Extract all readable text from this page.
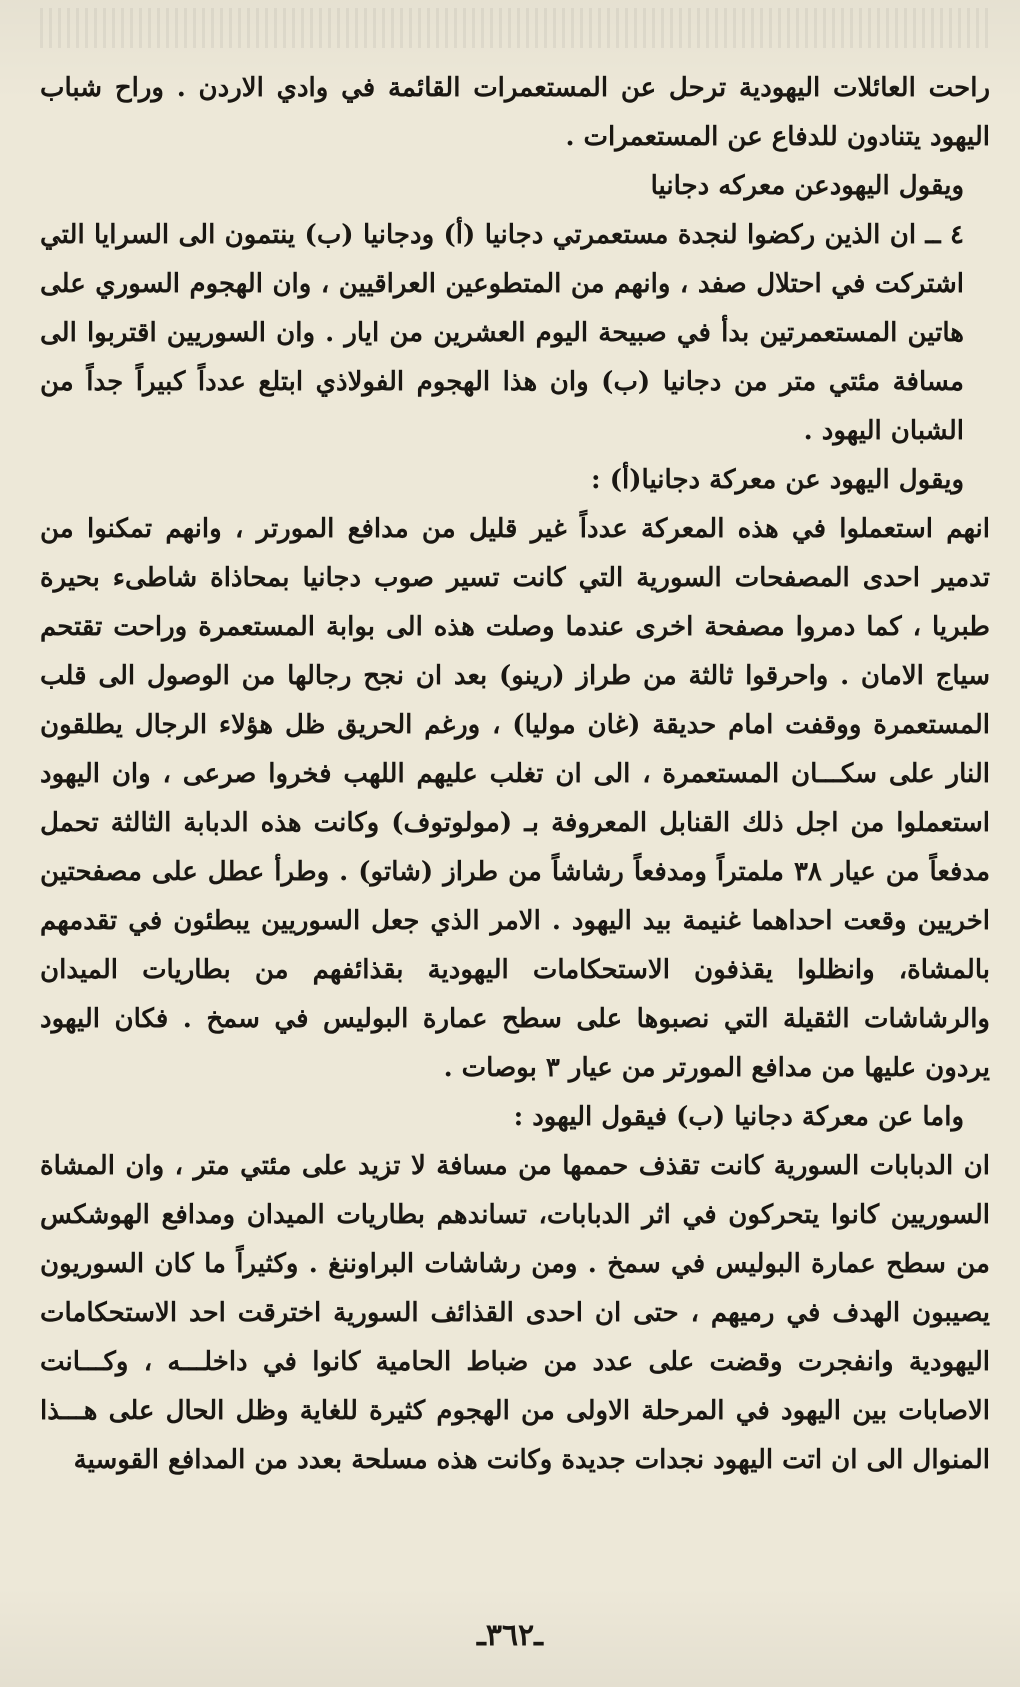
راحت العائلات اليهودية ترحل عن المستعمرات القائمة في وادي الاردن . وراح شباب اليهود يتنادون للدفاع عن المستعمرات .

ويقول اليهودعن معركه دجانيا

٤ ــ ان الذين ركضوا لنجدة مستعمرتي دجانيا (أ) ودجانيا (ب) ينتمون الى السرايا التي اشتركت في احتلال صفد ، وانهم من المتطوعين العراقيين ، وان الهجوم السوري على هاتين المستعمرتين بدأ في صبيحة اليوم العشرين من ايار . وان السوريين اقتربوا الى مسافة مئتي متر من دجانيا (ب) وان هذا الهجوم الفولاذي ابتلع عدداً كبيراً جداً من الشبان اليهود .

ويقول اليهود عن معركة دجانيا(أ) :

انهم استعملوا في هذه المعركة عدداً غير قليل من مدافع المورتر ، وانهم تمكنوا من تدمير احدى المصفحات السورية التي كانت تسير صوب دجانيا بمحاذاة شاطىء بحيرة طبريا ، كما دمروا مصفحة اخرى عندما وصلت هذه الى بوابة المستعمرة وراحت تقتحم سياج الامان . واحرقوا ثالثة من طراز (رينو) بعد ان نجح رجالها من الوصول الى قلب المستعمرة ووقفت امام حديقة (غان موليا) ، ورغم الحريق ظل هؤلاء الرجال يطلقون النار على سكـــان المستعمرة ، الى ان تغلب عليهم اللهب فخروا صرعى ، وان اليهود استعملوا من اجل ذلك القنابل المعروفة بـ (مولوتوف) وكانت هذه الدبابة الثالثة تحمل مدفعاً من عيار ٣٨ ملمتراً ومدفعاً رشاشاً من طراز (شاتو) . وطرأ عطل على مصفحتين اخريين وقعت احداهما غنيمة بيد اليهود . الامر الذي جعل السوريين يبطئون في تقدمهم بالمشاة، وانظلوا يقذفون الاستحكامات اليهودية بقذائفهم من بطاريات الميدان والرشاشات الثقيلة التي نصبوها على سطح عمارة البوليس في سمخ . فكان اليهود يردون عليها من مدافع المورتر من عيار ٣ بوصات .

واما عن معركة دجانيا (ب) فيقول اليهود :

ان الدبابات السورية كانت تقذف حممها من مسافة لا تزيد على مئتي متر ، وان المشاة السوريين كانوا يتحركون في اثر الدبابات، تساندهم بطاريات الميدان ومدافع الهوشكس من سطح عمارة البوليس في سمخ . ومن رشاشات البراوننغ . وكثيراً ما كان السوريون يصيبون الهدف في رميهم ، حتى ان احدى القذائف السورية اخترقت احد الاستحكامات اليهودية وانفجرت وقضت على عدد من ضباط الحامية كانوا في داخلـــه ، وكـــانت الاصابات بين اليهود في المرحلة الاولى من الهجوم كثيرة للغاية وظل الحال على هـــذا المنوال الى ان اتت اليهود نجدات جديدة وكانت هذه مسلحة بعدد من المدافع القوسية

ـ٣٦٢ـ
